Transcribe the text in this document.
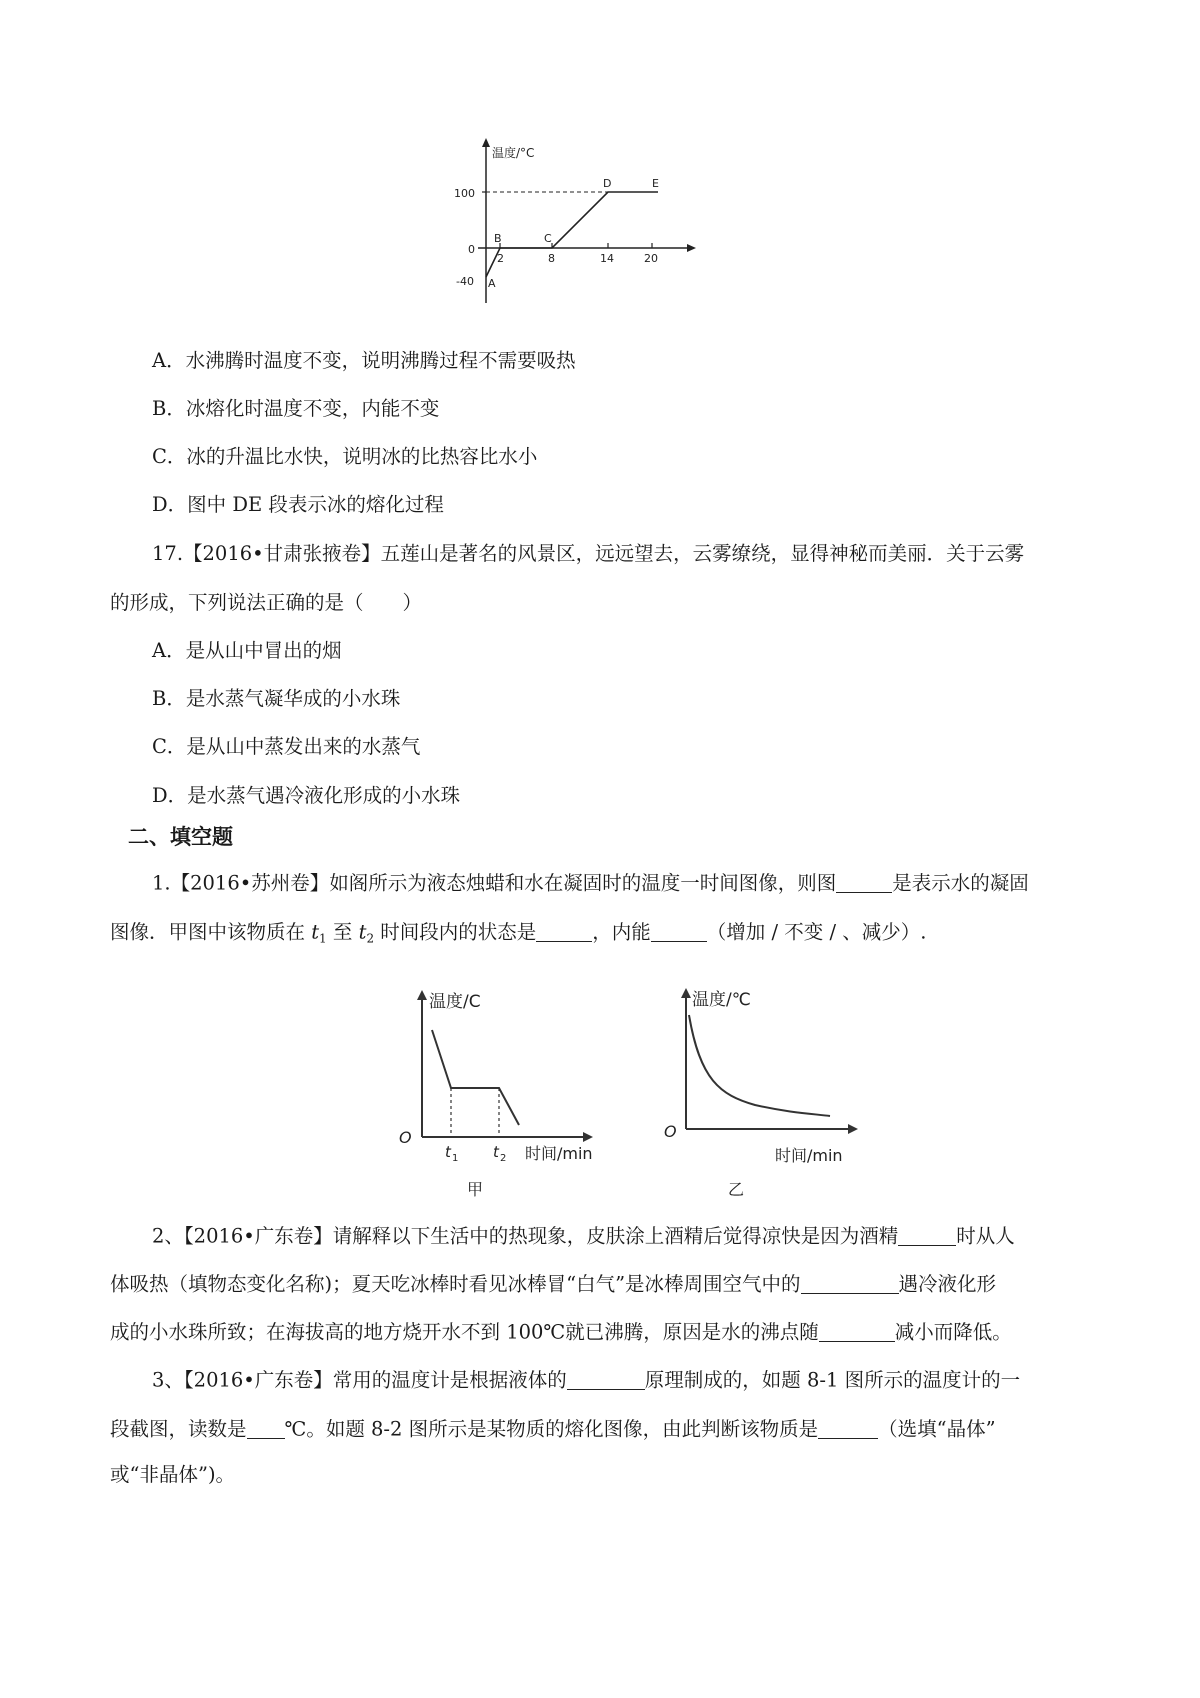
温度/°C
100
0
-40
2	8	14	20
A
B	C
D	E
A．水沸腾时温度不变，说明沸腾过程不需要吸热
B．冰熔化时温度不变，内能不变
C．冰的升温比水快，说明冰的比热容比水小
D．图中 DE 段表示冰的熔化过程
17.【2016•甘肃张掖卷】五莲山是著名的风景区，远远望去，云雾缭绕，显得神秘而美丽．关于云雾
的形成，下列说法正确的是（　　）
A．是从山中冒出的烟
B．是水蒸气凝华成的小水珠
C．是从山中蒸发出来的水蒸气
D．是水蒸气遇冷液化形成的小水珠
二、填空题
1.【2016•苏州卷】如阁所示为液态烛蜡和水在凝固时的温度一时间图像，则图	是表示水的凝固
图像．甲图中该物质在 $t_1$ 至 $t_2$ 时间段内的状态是	，内能	（增加 / 不变 / 、减少）.
温度/C
O
t 1 t 2 时间/min
甲
温度/℃
O
时间/min
乙
2、【2016•广东卷】请解释以下生活中的热现象，皮肤涂上酒精后觉得凉快是因为酒精	时从人
体吸热（填物态变化名称)；夏天吃冰棒时看见冰棒冒“白气”是冰棒周围空气中的	遇冷液化形
成的小水珠所致；在海拔高的地方烧开水不到 100℃就已沸腾，原因是水的沸点随	减小而降低。
3、【2016•广东卷】常用的温度计是根据液体的	原理制成的，如题 8-1 图所示的温度计的一
段截图，读数是 ℃。如题 8-2 图所示是某物质的熔化图像，由此判断该物质是	（选填“晶体”
或“非晶体”)。
